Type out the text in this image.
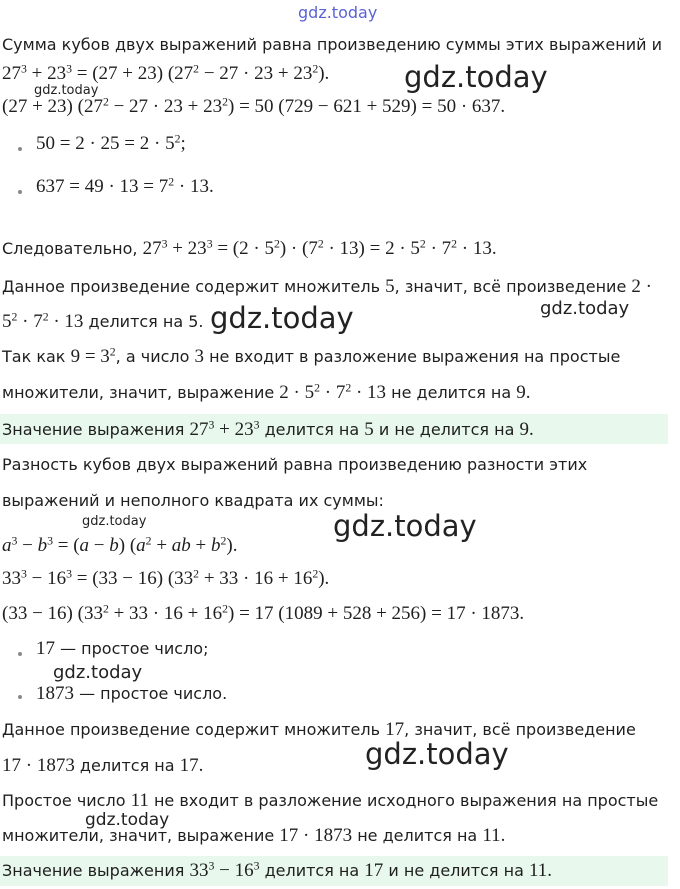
Сумма кубов двух выражений равна произведению суммы этих выражений и
$27^3 + 23^3 = (27 + 23) (27^2 - 27 \cdot 23 + 23^2)$.
(27 + 23) $(27^2 - 27 \cdot 23 + 23^2) = 50$ (729 − 621 + 529) = 50 · 637.
$50 = 2 \cdot 25 = 2 \cdot 5^2$;
$637 = 49 \cdot 13 = 7^2 \cdot 13$.
Следовательно, $27^3 + 23^3 = (2 \cdot 5^2) \cdot (7^2 \cdot 13) = 2 \cdot 5^2 \cdot 7^2 \cdot 13$.
Данное произведение содержит множитель 5, значит, всё произведение 2 ·
$5^2 \cdot 7^2 \cdot 13$ делится на 5.
Так как $9 = 3^2$, а число 3 не входит в разложение выражения на простые
множители, значит, выражение $2 \cdot 5^2 \cdot 7^2 \cdot 13$ не делится на 9.
Значение выражения $27^3 + 23^3$ делится на 5 и не делится на 9.
Разность кубов двух выражений равна произведению разности этих
выражений и неполного квадрата их суммы:
$a^3 - b^3 = (a - b) (a^2$ + ab + $b^2$).
$33^3 - 16^3 = (33 - 16) (33^2 + 33 \cdot 16 + 16^2)$.
(33 − 16) $(33^2 + 33 \cdot 16 + 16^2) = 17$ (1089 + 528 + 256) = 17 · 1873.
17 — простое число;
1873 — простое число.
Данное произведение содержит множитель 17, значит, всё произведение
17 · 1873 делится на 17.
Простое число 11 не входит в разложение исходного выражения на простые
множители, значит, выражение 17 · 1873 не делится на 11.
Значение выражения $33^3 - 16^3$ делится на 17 и не делится на 11.
gdz.today
gdz.today
gdz.today
gdz.today	gdz.today
gdz.today	gdz.today
gdz.today
gdz.today
gdz.today
